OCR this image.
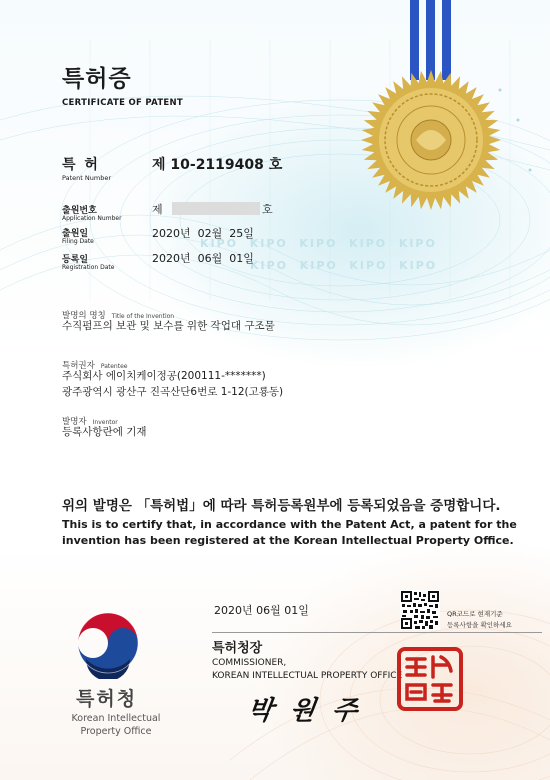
KIPO KIPO KIPO KIPO KIPO
KIPO KIPO KIPO KIPO
특허증
CERTIFICATE OF PATENT
특 허
Patent Number
제 10-2119408 호
출원번호
Application Number
제	호
출원일
Filing Date
2020년  02월  25일
등록일
Registration Date
2020년  06월  01일
발명의 명칭 Title of the Invention
수직펌프의 보관 및 보수를 위한 작업대 구조물
특허권자 Patentee
주식회사 에이치케이정공(200111-*******)
광주광역시 광산구 진곡산단6번로 1-12(고룡동)
발명자 Inventor
등록사항란에 기재
위의 발명은 「특허법」에 따라 특허등록원부에 등록되었음을 증명합니다.
This is to certify that, in accordance with the Patent Act, a patent for the invention has been registered at the Korean Intellectual Property Office.
2020년 06월 01일	QR코드로 현재기준
등록사항을 확인하세요
특허청장
COMMISSIONER,
KOREAN INTELLECTUAL PROPERTY OFFICE
박 원 주
특허청
Korean Intellectual
Property Office
